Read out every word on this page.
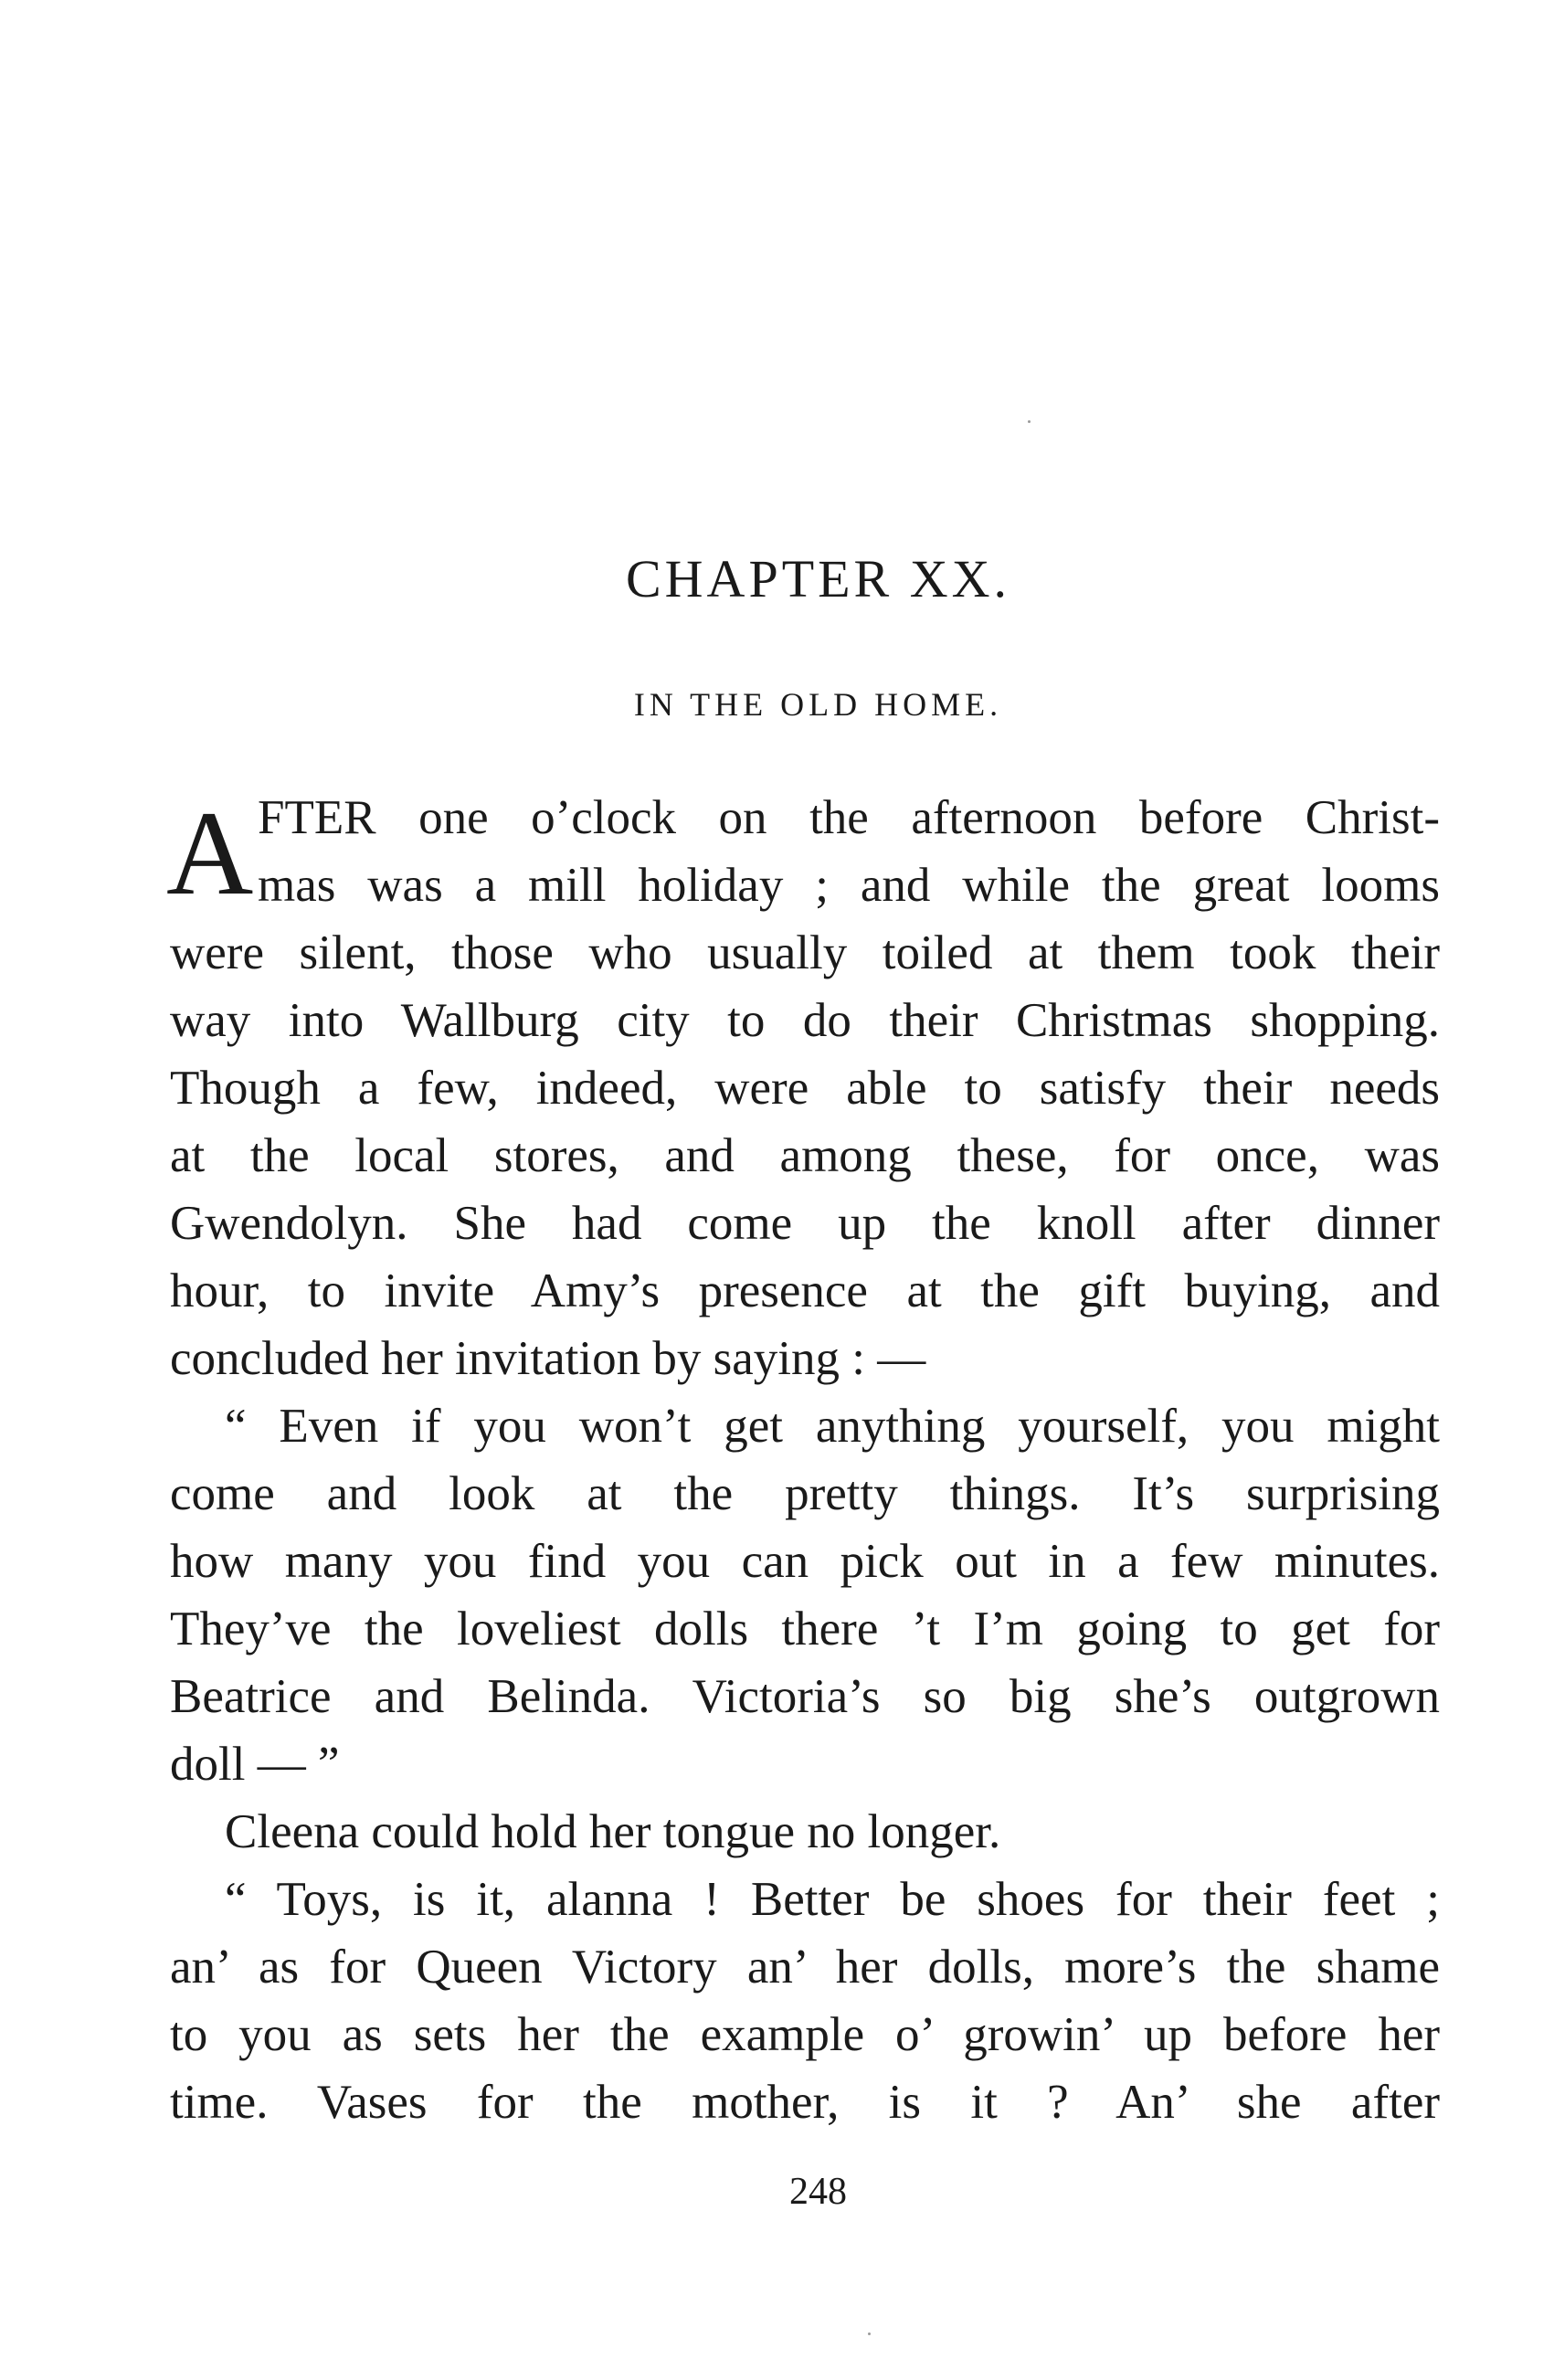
CHAPTER XX.
IN THE OLD HOME.
A FTER one o’clock on the afternoon before Christ-
mas was a mill holiday ; and while the great looms
were silent, those who usually toiled at them took their
way into Wallburg city to do their Christmas shopping.
Though a few, indeed, were able to satisfy their needs
at the local stores, and among these, for once, was
Gwendolyn. She had come up the knoll after dinner
hour, to invite Amy’s presence at the gift buying, and
concluded her invitation by saying : —
“ Even if you won’t get anything yourself, you might
come and look at the pretty things. It’s surprising
how many you find you can pick out in a few minutes.
They’ve the loveliest dolls there ’t I’m going to get for
Beatrice and Belinda. Victoria’s so big she’s outgrown
doll — ”
Cleena could hold her tongue no longer.
“ Toys, is it, alanna ! Better be shoes for their feet ;
an’ as for Queen Victory an’ her dolls, more’s the shame
to you as sets her the example o’ growin’ up before her
time. Vases for the mother, is it ? An’ she after
248
